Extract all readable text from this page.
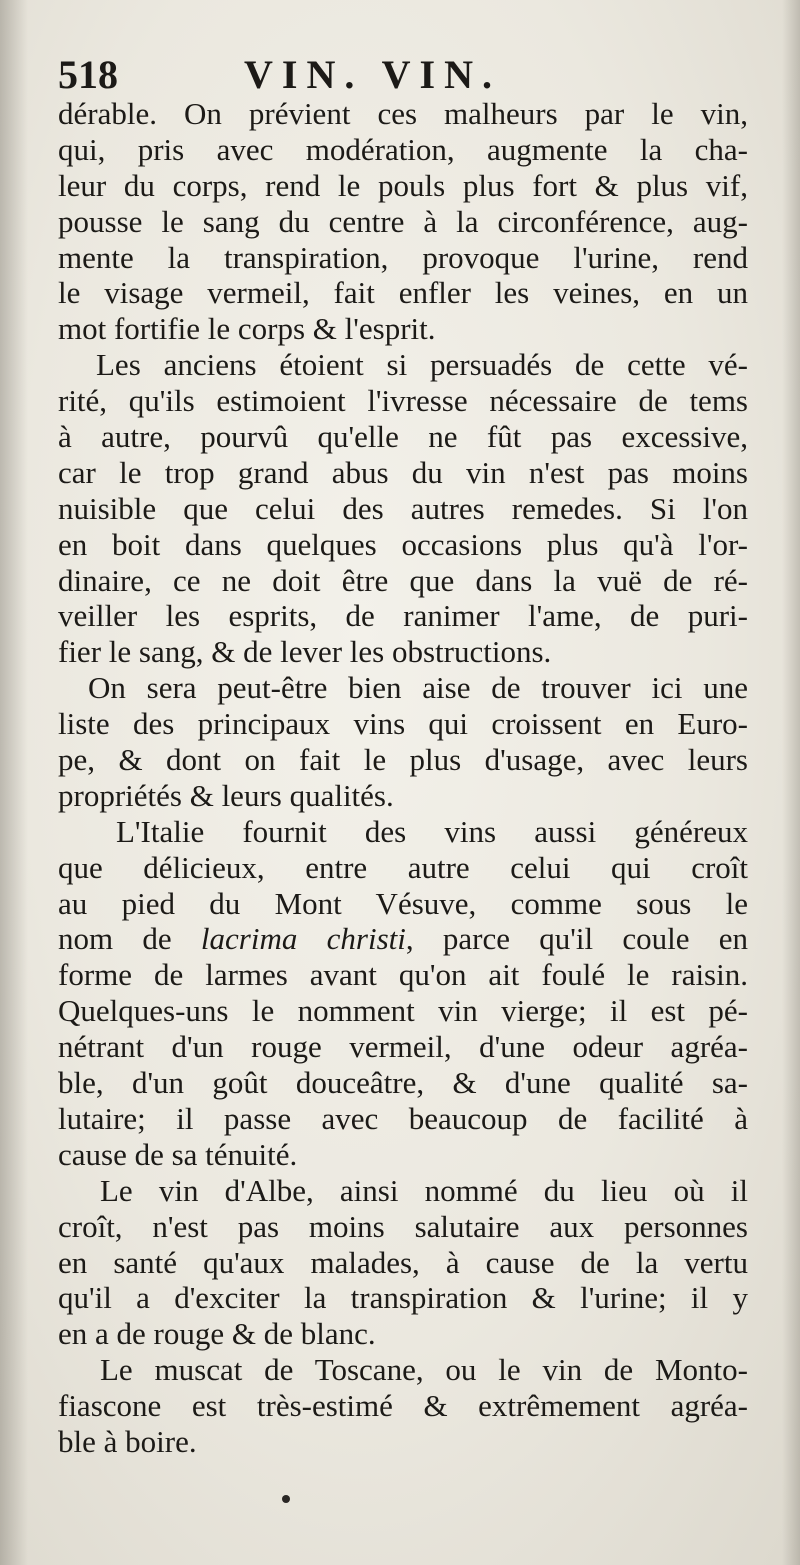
518	VIN. VIN.
dérable. On prévient ces malheurs par le vin,
qui, pris avec modération, augmente la cha-
leur du corps, rend le pouls plus fort & plus vif,
pousse le sang du centre à la circonférence, aug-
mente la transpiration, provoque l'urine, rend
le visage vermeil, fait enfler les veines, en un
mot fortifie le corps & l'esprit.
Les anciens étoient si persuadés de cette vé-
rité, qu'ils estimoient l'ivresse nécessaire de tems
à autre, pourvû qu'elle ne fût pas excessive,
car le trop grand abus du vin n'est pas moins
nuisible que celui des autres remedes. Si l'on
en boit dans quelques occasions plus qu'à l'or-
dinaire, ce ne doit être que dans la vuë de ré-
veiller les esprits, de ranimer l'ame, de puri-
fier le sang, & de lever les obstructions.
On sera peut-être bien aise de trouver ici une
liste des principaux vins qui croissent en Euro-
pe, & dont on fait le plus d'usage, avec leurs
propriétés & leurs qualités.
L'Italie fournit des vins aussi généreux
que délicieux, entre autre celui qui croît
au pied du Mont Vésuve, comme sous le
nom de lacrima christi, parce qu'il coule en
forme de larmes avant qu'on ait foulé le raisin.
Quelques-uns le nomment vin vierge; il est pé-
nétrant d'un rouge vermeil, d'une odeur agréa-
ble, d'un goût douceâtre, & d'une qualité sa-
lutaire; il passe avec beaucoup de facilité à
cause de sa ténuité.
Le vin d'Albe, ainsi nommé du lieu où il
croît, n'est pas moins salutaire aux personnes
en santé qu'aux malades, à cause de la vertu
qu'il a d'exciter la transpiration & l'urine; il y
en a de rouge & de blanc.
Le muscat de Toscane, ou le vin de Monto-
fiascone est très-estimé & extrêmement agréa-
ble à boire.
